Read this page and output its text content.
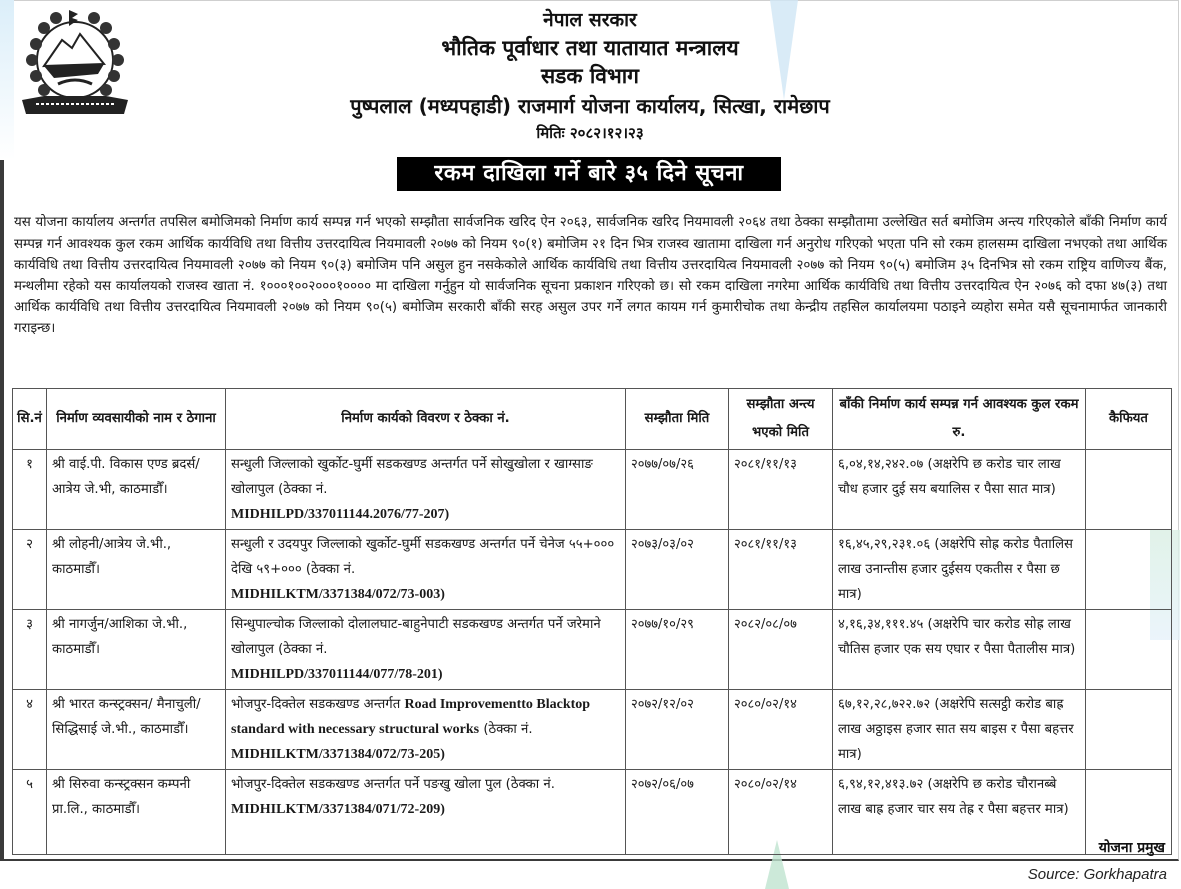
नेपाल सरकार
भौतिक पूर्वाधार तथा यातायात मन्त्रालय
सडक विभाग
पुष्पलाल (मध्यपहाडी) राजमार्ग योजना कार्यालय, सित्खा, रामेछाप
मितिः २०८२।१२।२३
रकम दाखिला गर्ने बारे ३५ दिने सूचना

यस योजना कार्यालय अन्तर्गत तपसिल बमोजिमको निर्माण कार्य सम्पन्न गर्न भएको सम्झौता सार्वजनिक खरिद ऐन २०६३, सार्वजनिक खरिद नियमावली २०६४ तथा ठेक्का सम्झौतामा उल्लेखित सर्त बमोजिम अन्त्य गरिएकोले बाँकी निर्माण कार्य सम्पन्न गर्न आवश्यक कुल रकम आर्थिक कार्यविधि तथा वित्तीय उत्तरदायित्व नियमावली २०७७ को नियम ९०(१) बमोजिम २१ दिन भित्र राजस्व खातामा दाखिला गर्न अनुरोध गरिएको भएता पनि सो रकम हालसम्म दाखिला नभएको तथा आर्थिक कार्यविधि तथा वित्तीय उत्तरदायित्व नियमावली २०७७ को नियम ९०(३) बमोजिम पनि असुल हुन नसकेकोले आर्थिक कार्यविधि तथा वित्तीय उत्तरदायित्व नियमावली २०७७ को नियम ९०(५) बमोजिम ३५ दिनभित्र सो रकम राष्ट्रिय वाणिज्य बैंक, मन्थलीमा रहेको यस कार्यालयको राजस्व खाता नं. १०००१००२०००१०००० मा दाखिला गर्नुहुन यो सार्वजनिक सूचना प्रकाशन गरिएको छ। सो रकम दाखिला नगरेमा आर्थिक कार्यविधि तथा वित्तीय उत्तरदायित्व ऐन २०७६ को दफा ४७(३) तथा आर्थिक कार्यविधि तथा वित्तीय उत्तरदायित्व नियमावली २०७७ को नियम ९०(५) बमोजिम सरकारी बाँकी सरह असुल उपर गर्ने लगत कायम गर्न कुमारीचोक तथा केन्द्रीय तहसिल कार्यालयमा पठाइने व्यहोरा समेत यसै सूचनामार्फत जानकारी गराइन्छ।

सि.नं	निर्माण व्यवसायीको नाम र ठेगाना	निर्माण कार्यको विवरण र ठेक्का नं.	सम्झौता मिति	सम्झौता अन्त्य भएको मिति	बाँकी निर्माण कार्य सम्पन्न गर्न आवश्यक कुल रकम रु.	कैफियत
१	श्री वाई.पी. विकास एण्ड ब्रदर्स/आत्रेय जे.भी, काठमाडौँ।	सन्धुली जिल्लाको खुर्कोट-घुर्मी सडकखण्ड अन्तर्गत पर्ने सोखुखोला र खाग्साङ खोलापुल (ठेक्का नं.
MIDHILPD/337011144.2076/77-207)	२०७७/०७/२६	२०८१/११/१३	६,०४,१४,२४२.०७ (अक्षरेपि छ करोड चार लाख चौध हजार दुई सय बयालिस र पैसा सात मात्र)	
२	श्री लोहनी/आत्रेय जे.भी., काठमाडौँ।	सन्धुली र उदयपुर जिल्लाको खुर्कोट-घुर्मी सडकखण्ड अन्तर्गत पर्ने चेनेज ५५+००० देखि ५९+००० (ठेक्का नं.
MIDHILKTM/3371384/072/73-003)	२०७३/०३/०२	२०८१/११/१३	१६,४५,२९,२३१.०६ (अक्षरेपि सोह्र करोड पैतालिस लाख उनान्तीस हजार दुईसय एकतीस र पैसा छ मात्र)	
३	श्री नागर्जुन/आशिका जे.भी., काठमाडौँ।	सिन्धुपाल्चोक जिल्लाको दोलालघाट-बाहुनेपाटी सडकखण्ड अन्तर्गत पर्ने जरेमाने खोलापुल (ठेक्का नं.
MIDHILPD/337011144/077/78-201)	२०७७/१०/२९	२०८२/०८/०७	४,१६,३४,१११.४५ (अक्षरेपि चार करोड सोह्र लाख चौतिस हजार एक सय एघार र पैसा पैतालीस मात्र)	
४	श्री भारत कन्स्ट्रक्सन/ मैनाचुली/सिद्धिसाई जे.भी., काठमाडौँ।	भोजपुर-दिक्तेल सडकखण्ड अन्तर्गत Road Improvementto Blacktop standard with necessary structural works (ठेक्का नं. MIDHILKTM/3371384/072/73-205)	२०७२/१२/०२	२०८०/०२/१४	६७,१२,२८,७२२.७२ (अक्षरेपि सत्सट्ठी करोड बाह्र लाख अठ्ठाइस हजार सात सय बाइस र पैसा बहत्तर मात्र)	
५	श्री सिरुवा कन्स्ट्रक्सन कम्पनी प्रा.लि., काठमाडौँ।	भोजपुर-दिक्तेल सडकखण्ड अन्तर्गत पर्ने पङखु खोला पुल (ठेक्का नं. MIDHILKTM/3371384/071/72-209)	२०७२/०६/०७	२०८०/०२/१४	६,९४,१२,४१३.७२ (अक्षरेपि छ करोड चौरानब्बे लाख बाह्र हजार चार सय तेह्र र पैसा बहत्तर मात्र)	
योजना प्रमुख
Source: Gorkhapatra
